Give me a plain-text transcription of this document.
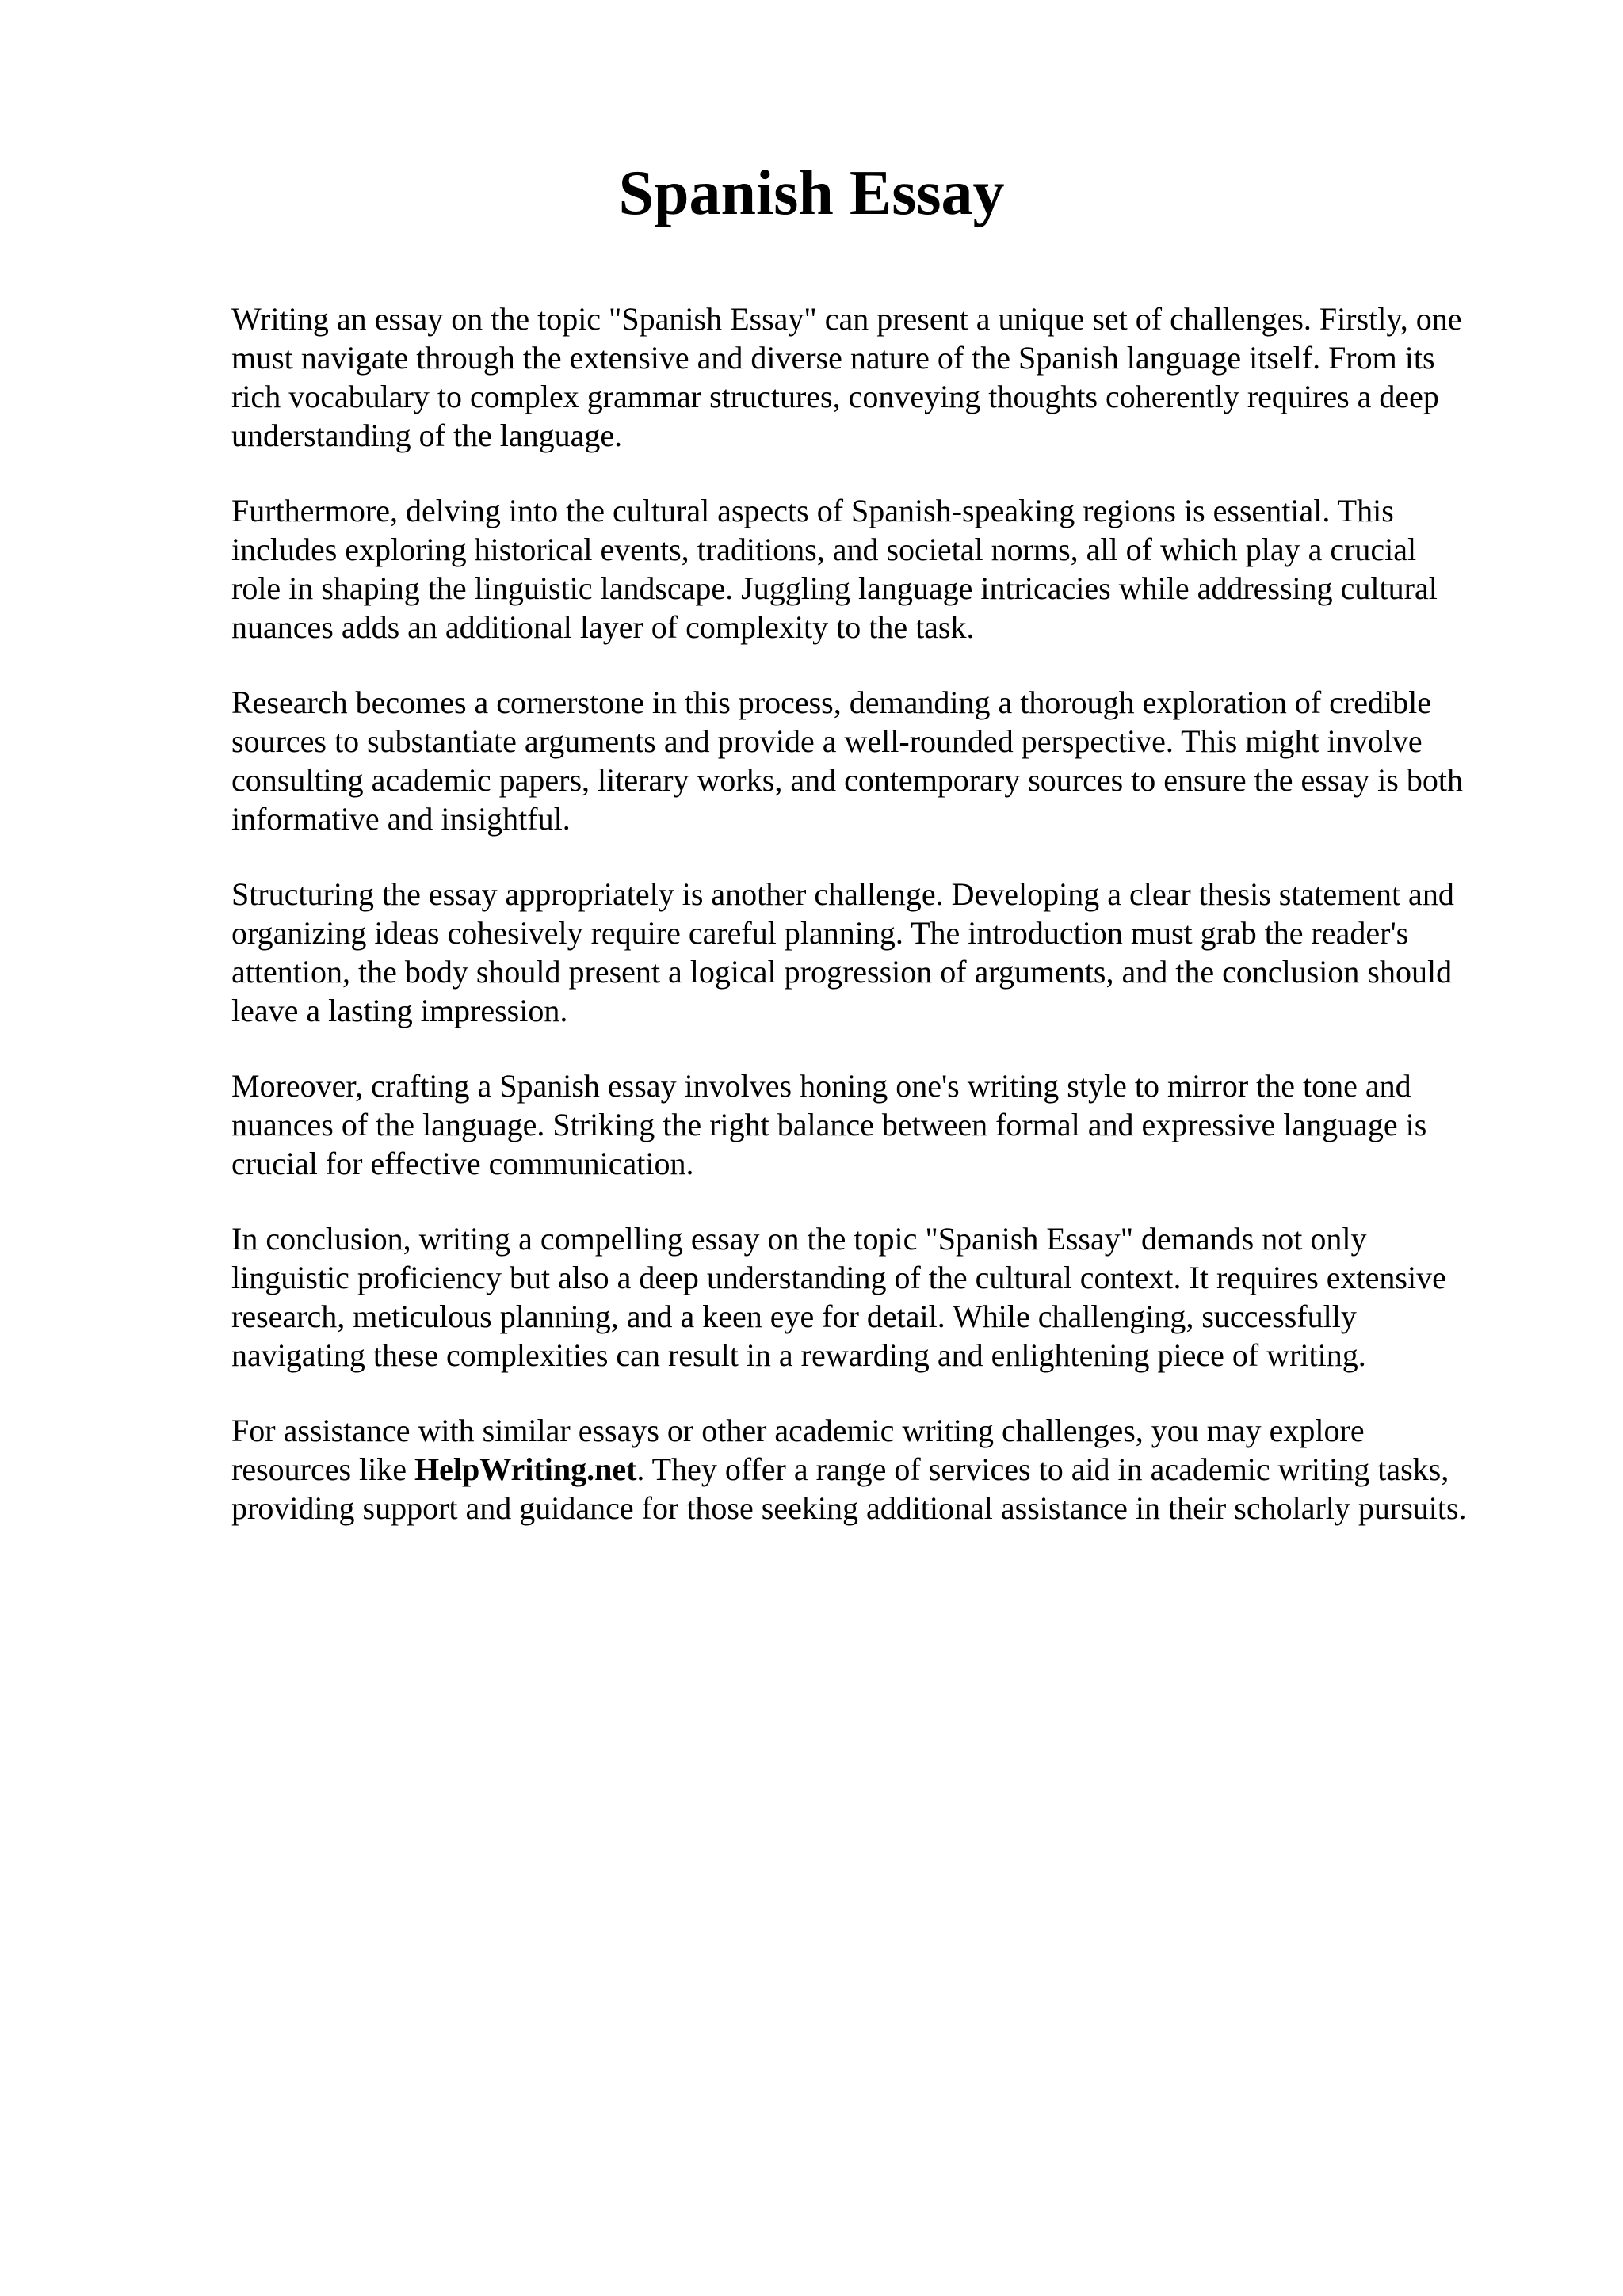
Spanish Essay

Writing an essay on the topic "Spanish Essay" can present a unique set of challenges. Firstly, one
must navigate through the extensive and diverse nature of the Spanish language itself. From its
rich vocabulary to complex grammar structures, conveying thoughts coherently requires a deep
understanding of the language.

Furthermore, delving into the cultural aspects of Spanish-speaking regions is essential. This
includes exploring historical events, traditions, and societal norms, all of which play a crucial
role in shaping the linguistic landscape. Juggling language intricacies while addressing cultural
nuances adds an additional layer of complexity to the task.

Research becomes a cornerstone in this process, demanding a thorough exploration of credible
sources to substantiate arguments and provide a well-rounded perspective. This might involve
consulting academic papers, literary works, and contemporary sources to ensure the essay is both
informative and insightful.

Structuring the essay appropriately is another challenge. Developing a clear thesis statement and
organizing ideas cohesively require careful planning. The introduction must grab the reader's
attention, the body should present a logical progression of arguments, and the conclusion should
leave a lasting impression.

Moreover, crafting a Spanish essay involves honing one's writing style to mirror the tone and
nuances of the language. Striking the right balance between formal and expressive language is
crucial for effective communication.

In conclusion, writing a compelling essay on the topic "Spanish Essay" demands not only
linguistic proficiency but also a deep understanding of the cultural context. It requires extensive
research, meticulous planning, and a keen eye for detail. While challenging, successfully
navigating these complexities can result in a rewarding and enlightening piece of writing.

For assistance with similar essays or other academic writing challenges, you may explore
resources like HelpWriting.net. They offer a range of services to aid in academic writing tasks,
providing support and guidance for those seeking additional assistance in their scholarly pursuits.
